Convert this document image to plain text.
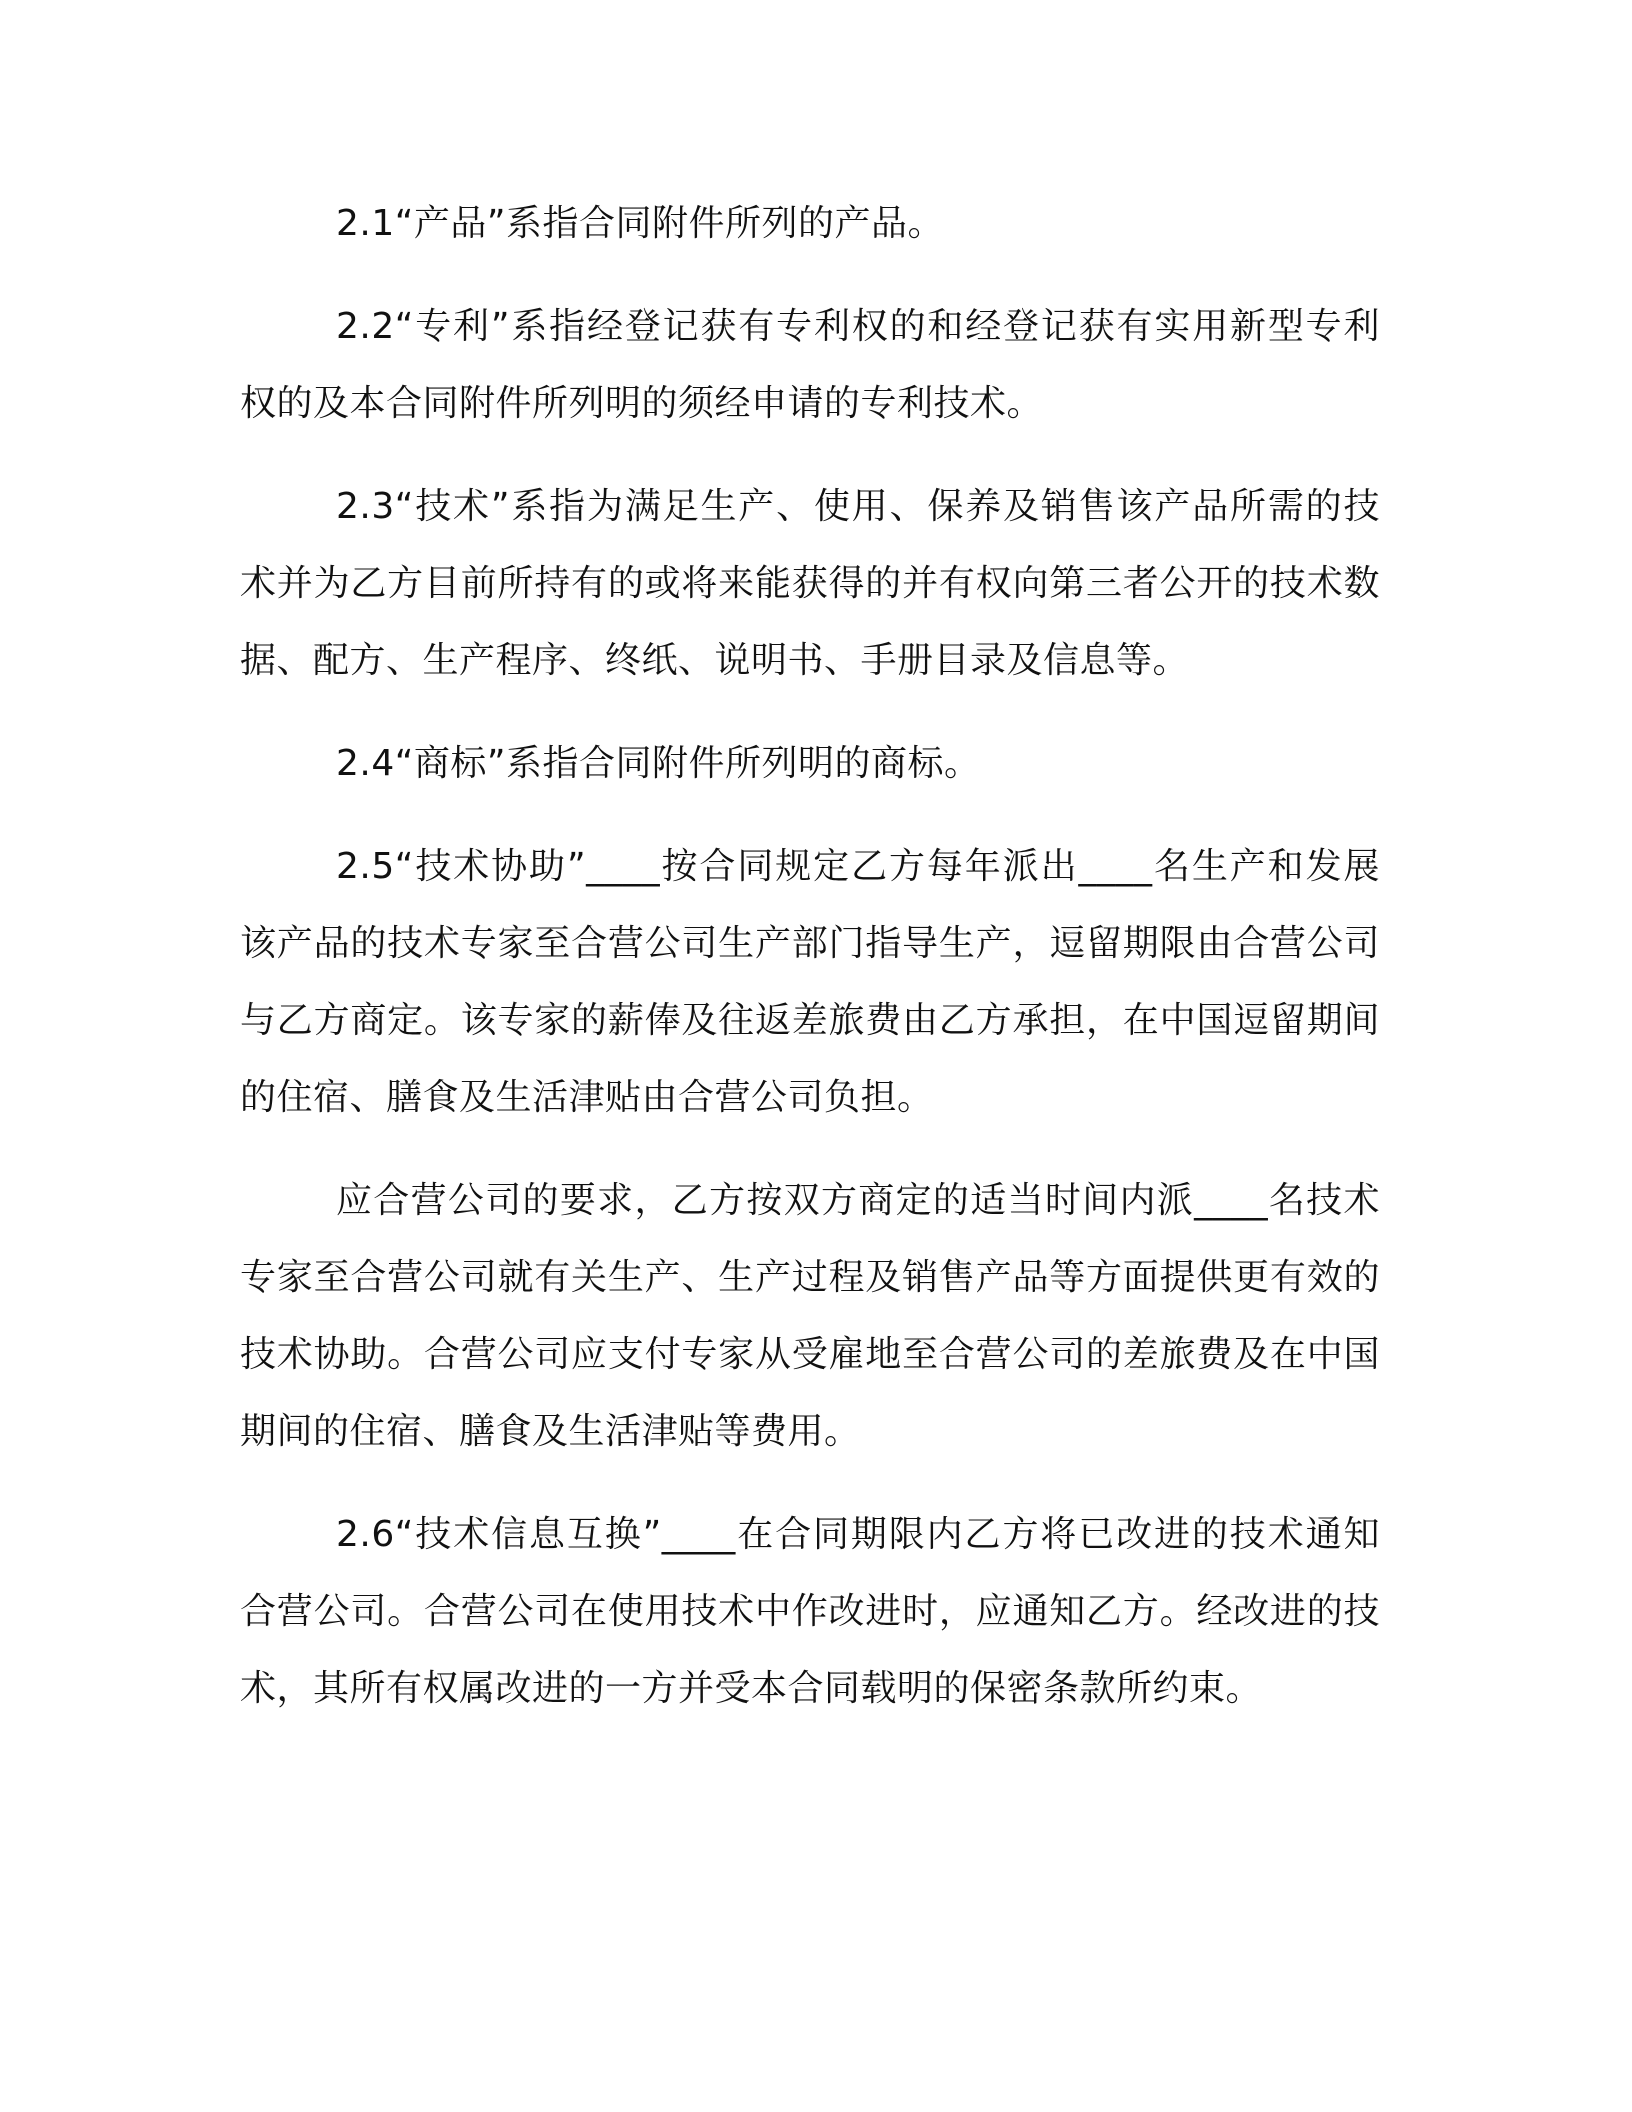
2.1“产品”系指合同附件所列的产品。

2.2“专利”系指经登记获有专利权的和经登记获有实用新型专利权的及本合同附件所列明的须经申请的专利技术。

2.3“技术”系指为满足生产、使用、保养及销售该产品所需的技术并为乙方目前所持有的或将来能获得的并有权向第三者公开的技术数据、配方、生产程序、终纸、说明书、手册目录及信息等。

2.4“商标”系指合同附件所列明的商标。

2.5“技术协助”____按合同规定乙方每年派出____名生产和发展该产品的技术专家至合营公司生产部门指导生产，逗留期限由合营公司与乙方商定。该专家的薪俸及往返差旅费由乙方承担，在中国逗留期间的住宿、膳食及生活津贴由合营公司负担。

应合营公司的要求，乙方按双方商定的适当时间内派____名技术专家至合营公司就有关生产、生产过程及销售产品等方面提供更有效的技术协助。合营公司应支付专家从受雇地至合营公司的差旅费及在中国期间的住宿、膳食及生活津贴等费用。

2.6“技术信息互换”____在合同期限内乙方将已改进的技术通知合营公司。合营公司在使用技术中作改进时，应通知乙方。经改进的技术，其所有权属改进的一方并受本合同载明的保密条款所约束。
